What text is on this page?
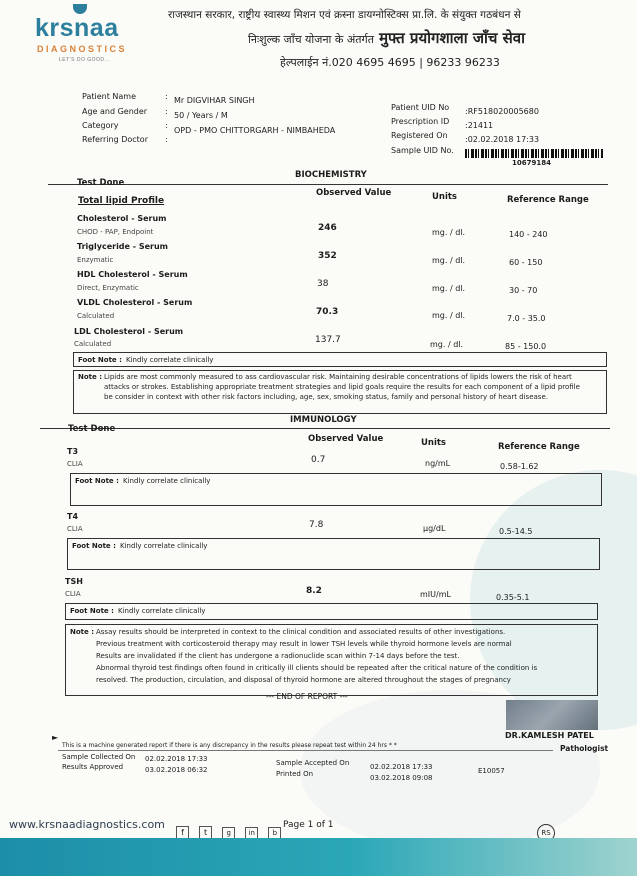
krsnaa
DIAGNOSTICS
LET'S DO GOOD...
राजस्थान सरकार, राष्ट्रीय स्वास्थ्य मिशन एवं क्रस्ना डायग्नोस्टिक्स प्रा.लि. के संयुक्त गठबंधन से
निःशुल्क जाँच योजना के अंतर्गत मुफ्त प्रयोगशाला जाँच सेवा
हेल्पलाईन नं.020 4695 4695 | 96233 96233
Patient Name	: Mr DIGVIHAR SINGH
Age and Gender : 50 / Years / M
Category	:
OPD - PMO CHITTORGARH - NIMBAHEDA
Referring Doctor :
Patient UID No :RF518020005680
Prescription ID :21411
Registered On :02.02.2018 17:33
Sample UID No.
10679184
BIOCHEMISTRY
Test Done
Observed Value	Units	Reference Range
Total lipid Profile
Cholesterol - Serum
CHOD - PAP, Endpoint	246	mg. / dl.	140 - 240
Triglyceride - Serum
Enzymatic	352	mg. / dl.	60 - 150
HDL Cholesterol - Serum
Direct, Enzymatic	38	mg. / dl.	30 - 70
VLDL Cholesterol - Serum
Calculated	70.3	mg. / dl.	7.0 - 35.0
LDL Cholesterol - Serum
Calculated	137.7	mg. / dl.	85 - 150.0
Foot Note : Kindly correlate clinically
Note : Lipids are most commonly measured to ass cardiovascular risk. Maintaining desirable concentrations of lipids lowers the risk of heart
attacks or strokes. Establishing appropriate treatment strategies and lipid goals require the results for each component of a lipid profile
be consider in context with other risk factors including, age, sex, smoking status, family and personal history of heart disease.
IMMUNOLOGY
Test Done
Observed Value	Units	Reference Range
T3
CLIA	0.7	ng/mL	0.58-1.62
Foot Note : Kindly correlate clinically
T4
CLIA	7.8	µg/dL	0.5-14.5
Foot Note : Kindly correlate clinically
TSH
CLIA	8.2	mIU/mL	0.35-5.1
Foot Note : Kindly correlate clinically
Note : Assay results should be interpreted in context to the clinical condition and associated results of other investigations.
Previous treatment with corticosteroid therapy may result in lower TSH levels while thyroid hormone levels are normal
Results are invalidated if the client has undergone a radionuclide scan within 7-14 days before the test.
Abnormal thyroid test findings often found in critically ill clients should be repeated after the critical nature of the condition is
resolved. The production, circulation, and disposal of thyroid hormone are altered throughout the stages of pregnancy
--- END OF REPORT ---
DR.KAMLESH PATEL
Pathologist
►
This is a machine generated report if there is any discrepancy in the results please repeat test within 24 hrs * *
Sample Collected On 02.02.2018 17:33
Results Approved	03.02.2018 06:32
Sample Accepted On	02.02.2018 17:33
Printed On	03.02.2018 09:08
E10057
www.krsnaadiagnostics.com
f	t	g	in	b
Page 1 of 1
RS
